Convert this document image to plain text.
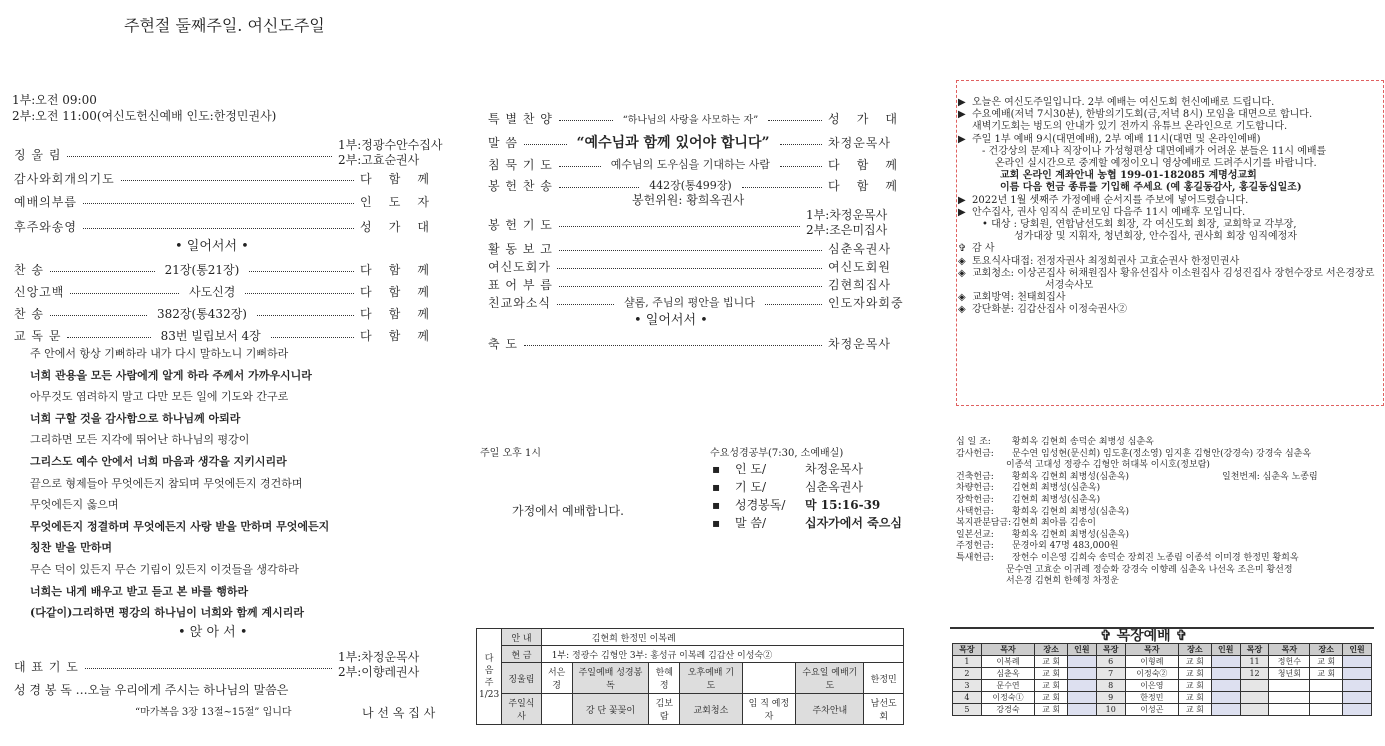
주현절 둘째주일. 여신도주일
1부:오전 09:00
2부:오전 11:00(여신도헌신예배 인도:한정민권사)
징 울 림
1부:정광수안수집사
2부:고효순권사
감사와회개의기도	다 함 께
예배의부름	인 도 자
후주와송영	성 가 대
• 일어서서 •
찬 송	21장(통21장)	다 함 께
신앙고백	사도신경	다 함 께
찬 송	382장(통432장)	다 함 께
교 독 문	83번 빌립보서 4장	다 함 께
주 안에서 항상 기뻐하라 내가 다시 말하노니 기뻐하라
너희 관용을 모든 사람에게 알게 하라 주께서 가까우시니라
아무것도 염려하지 말고 다만 모든 일에 기도와 간구로
너희 구할 것을 감사함으로 하나님께 아뢰라
그리하면 모든 지각에 뛰어난 하나님의 평강이
그리스도 예수 안에서 너희 마음과 생각을 지키시리라
끝으로 형제들아 무엇에든지 참되며 무엇에든지 경건하며
무엇에든지 옳으며
무엇에든지 정결하며 무엇에든지 사랑 받을 만하며 무엇에든지
칭찬 받을 만하며
무슨 덕이 있든지 무슨 기림이 있든지 이것들을 생각하라
너희는 내게 배우고 받고 듣고 본 바를 행하라
(다같이)그리하면 평강의 하나님이 너희와 함께 계시리라
• 앉 아 서 •
대 표 기 도
1부:차정운목사
2부:이향레권사
성 경 봉 독 …오늘 우리에게 주시는 하나님의 말씀은
“마가복음 3장 13절~15절” 입니다	나 선 옥 집 사
특 별 찬 양	“하나님의 사랑을 사모하는 자”	성 가 대
말 씀	“예수님과 함께 있어야 합니다”	차정운목사
침 묵 기 도	예수님의 도우심을 기대하는 사람	다 함 께
봉 헌 찬 송	442장(통499장)	다 함 께
봉헌위원: 황희옥권사
봉 헌 기 도
1부:차정운목사
2부:조은미집사
활 동 보 고	심춘옥권사
여신도회가	여신도회원
표 어 부 름	김현희집사
친교와소식	샬롬, 주님의 평안을 빕니다	인도자와회중
• 일어서서 •
축 도	차정운목사
주일 오후 1시
가정에서 예배합니다.
수요성경공부(7:30, 소예배실)
▪ 인 도/	차정운목사
▪ 기 도/	심춘옥권사
▪ 성경봉독/ 막 15:16-39
▪ 말 씀/	십자가에서 죽으심
다
음
주
1/23	안 내	김현희 한정민 이복례						
	현 금	1부: 정광수 김형안 3부: 홍성규 이복례 김갑산 이성숙②						
	징울림	서은경	주일예배 성경봉독	한혜정	오후예배 기 도		수요일 예배기도	한정민
	주일식사		강 단 꽃꽂이	김보람	교회청소	임 직 예정자	주차안내	남선도회
▶ 오늘은 여신도주일입니다. 2부 예배는 여신도회 헌신예배로 드립니다.
▶ 수요예배(저녁 7시30분), 한밤의기도회(금,저녁 8시) 모임을 대면으로 합니다.
새벽기도회는 벙도의 안내가 있기 전까지 유튜브 온라인으로 기도합니다.
▶ 주일 1부 예배 9시(대면예배), 2부 예배 11시(대면 및 온라인예배)
- 건강상의 문제나 직장이나 가성형편상 대면예배가 어려운 분들은 11시 예배를
온라인 실시간으로 중계할 예정이오니 영상예배로 드려주시기를 바랍니다.
교회 온라인 계좌안내 농협 199-01-182085 계명성교회
이름 다음 헌금 종류를 기입해 주세요 (예 홍길동감사, 홍길동십일조)
▶ 2022년 1월 셋째주 가정예배 순서지를 주보에 넣어드렸습니다.
▶ 안수집사, 권사 임직식 준비모임 다음주 11시 예배후 모입니다.
• 대상 : 당회원, 연합남선도회 회장, 각 여신도회 회장, 교회학교 각부장,
성가대장 및 지휘자, 청년회장, 안수집사, 권사회 회장 임직예정자
✞ 감 사
◈ 토요식사대접: 전정자권사 최정희권사 고효순권사 한정민권사
◈ 교회청소: 이상곤집사 허채원집사 황유선집사 이소원집사 김성진집사 장헌수장로 서은경장로
서경숙사모
◈ 교회방역: 천태희집사
◈ 강단화분: 김갑산집사 이정숙권사②
십 일 조: 황희옥 김현희 송덕순 최병성 심춘옥
감사헌금: 문수연 임성현(문신희) 임도훈(정소영) 임지훈 김형안(강경숙) 강경숙 심춘옥
이종석 고대성 정광수 김형안 허대복 이시호(정보람)
건축헌금: 황희옥 김현희 최병성(심춘옥)	일천번제: 심춘옥 노종림
차량헌금: 김현희 최병성(심춘옥)
장학헌금: 김현희 최병성(심춘옥)
사택헌금: 황희옥 김현희 최병성(심춘옥)
복지관분담금: 김현희 최아름 김송이
일본선교: 황희옥 김현희 최병성(심춘옥)
주정헌금: 문경아외 47명 483,000원
특새헌금: 장헌수 이은영 김희숙 송덕순 장희진 노종림 이종석 이미경 한정민 황희옥
문수연 고효순 이귀례 정승화 강경숙 이향례 심춘옥 나선옥 조은미 황선정
서은경 김현희 한혜정 차정운
✞ 목장예배 ✞
목장	목자	장소	인원	목장	목자	장소	인원	목장	목자	장소	인원
1	이복례	교 회		6	이형례	교 회		11	정헌수	교 회	
2	심춘옥	교 회		7	이정숙②	교 회		12	청년회	교 회	
3	문수연	교 회		8	이은영	교 회					
4	이정숙①	교 회		9	한정민	교 회					
5	강경숙	교 회		10	이성곤	교 회					
